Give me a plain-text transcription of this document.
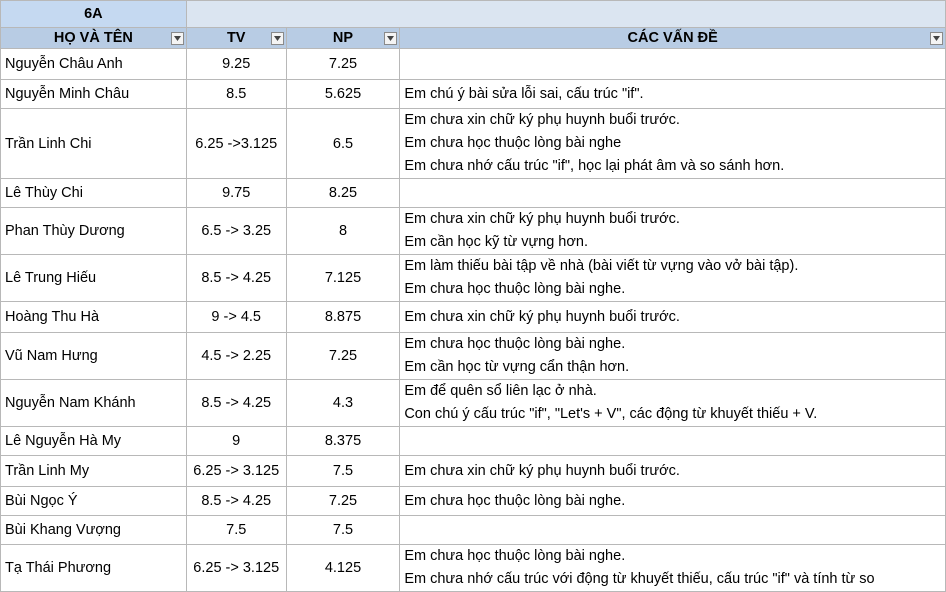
6A			
HỌ VÀ TÊN	TV	NP	CÁC VẤN ĐỀ

Nguyễn Châu Anh	9.25	7.25	
Nguyễn Minh Châu	8.5	5.625	Em chú ý bài sửa lỗi sai, cấu trúc "if".

Trần Linh Chi	6.25 ->3.125	6.5	Em chưa xin chữ ký phụ huynh buổi trước.
Em chưa học thuộc lòng bài nghe
Em chưa nhớ cấu trúc "if", học lại phát âm và so sánh hơn.

Lê Thùy Chi	9.75	8.25	
Phan Thùy Dương	6.5 -> 3.25	8	Em chưa xin chữ ký phụ huynh buổi trước.
Em cần học kỹ từ vựng hơn.

Lê Trung Hiếu	8.5 -> 4.25	7.125	Em làm thiếu bài tập về nhà (bài viết từ vựng vào vở bài tập).
Em chưa học thuộc lòng bài nghe.

Hoàng Thu Hà	9 -> 4.5	8.875	Em chưa xin chữ ký phụ huynh buổi trước.

Vũ Nam Hưng	4.5 -> 2.25	7.25	Em chưa học thuộc lòng bài nghe.
Em cần học từ vựng cẩn thận hơn.

Nguyễn Nam Khánh	8.5 -> 4.25	4.3	Em để quên sổ liên lạc ở nhà.
Con chú ý cấu trúc "if", "Let's + V", các động từ khuyết thiếu + V.

Lê Nguyễn Hà My	9	8.375	
Trần Linh My	6.25 -> 3.125	7.5	Em chưa xin chữ ký phụ huynh buổi trước.

Bùi Ngọc Ý	8.5 -> 4.25	7.25	Em chưa học thuộc lòng bài nghe.

Bùi Khang Vượng	7.5	7.5	
Tạ Thái Phương	6.25 -> 3.125	4.125	Em chưa học thuộc lòng bài nghe.
Em chưa nhớ cấu trúc với động từ khuyết thiếu, cấu trúc "if" và tính từ so
